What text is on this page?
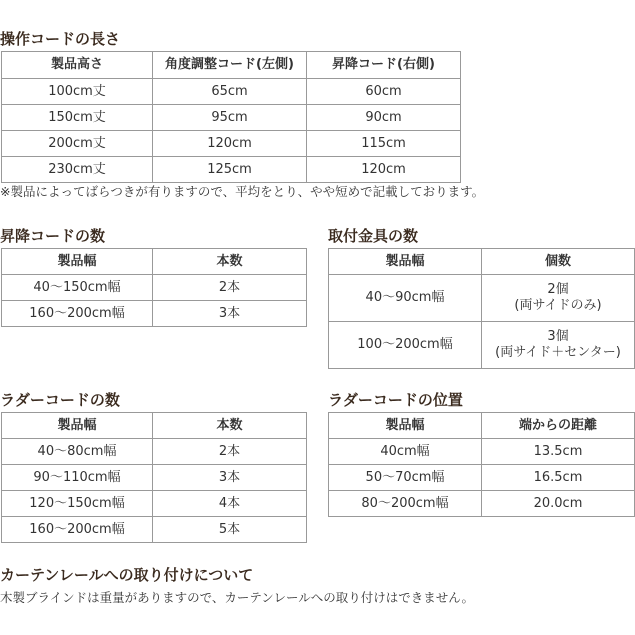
操作コードの長さ
製品高さ	角度調整コード(左側)	昇降コード(右側)
100cm丈	65cm	60cm
150cm丈	95cm	90cm
200cm丈	120cm	115cm
230cm丈	125cm	120cm

※製品によってばらつきが有りますので、平均をとり、やや短めで記載しております。

昇降コードの数
製品幅	本数
40～150cm幅	2本
160～200cm幅	3本
取付金具の数
製品幅	個数
40～90cm幅	2個
(両サイドのみ)

100～200cm幅	3個
(両サイド＋センター)
ラダーコードの数
製品幅	本数
40～80cm幅	2本
90～110cm幅	3本
120～150cm幅	4本
160～200cm幅	5本
ラダーコードの位置
製品幅	端からの距離
40cm幅	13.5cm
50～70cm幅	16.5cm
80～200cm幅	20.0cm
カーテンレールへの取り付けについて

木製ブラインドは重量がありますので、カーテンレールへの取り付けはできません。
